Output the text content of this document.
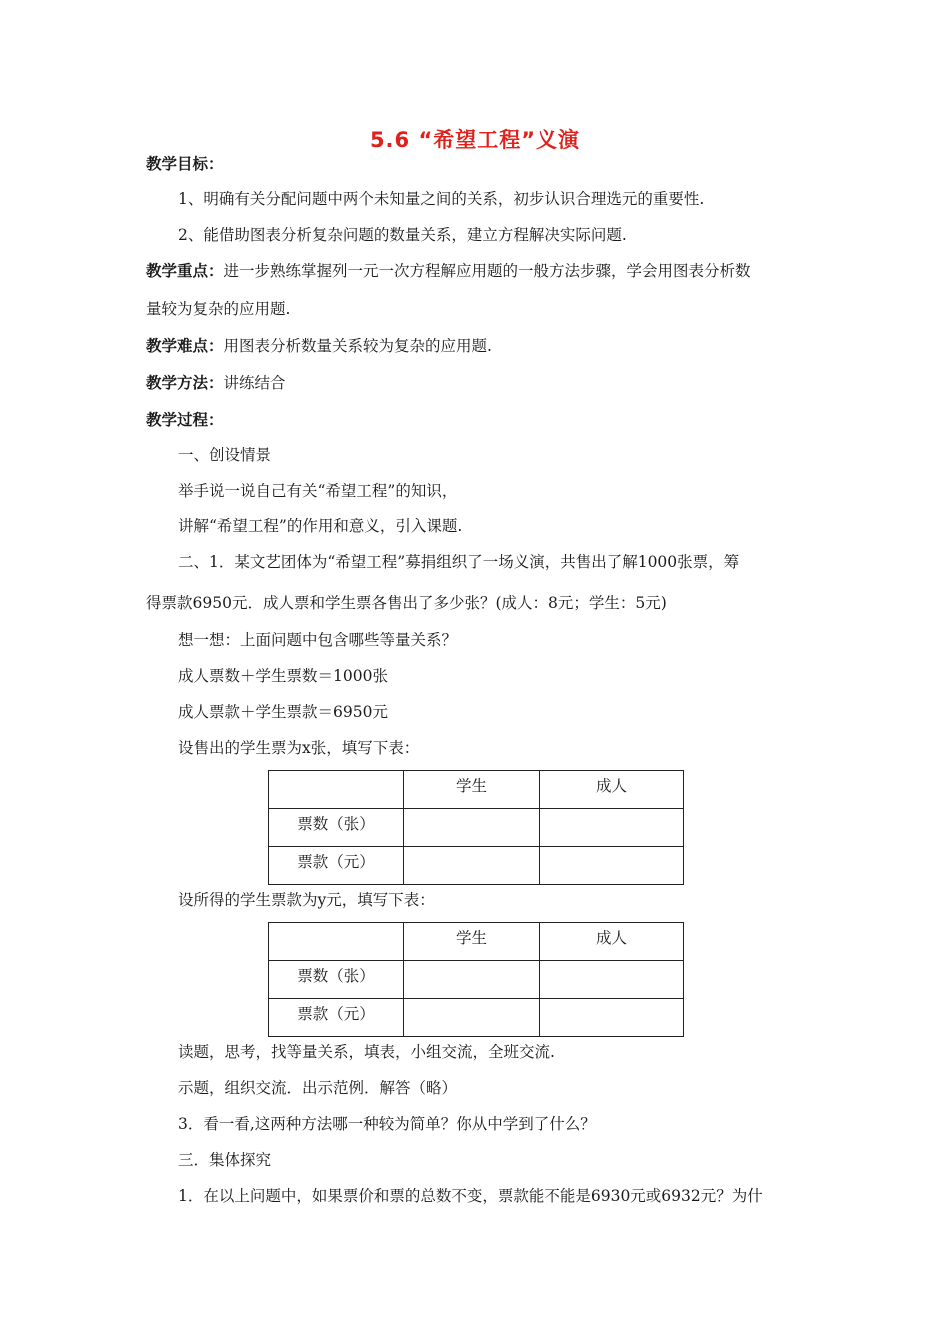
5.6 “希望工程”义演
教学目标：
1、明确有关分配问题中两个未知量之间的关系，初步认识合理选元的重要性.
2、能借助图表分析复杂问题的数量关系，建立方程解决实际问题.
教学重点：进一步熟练掌握列一元一次方程解应用题的一般方法步骤，学会用图表分析数
量较为复杂的应用题.
教学难点：用图表分析数量关系较为复杂的应用题.
教学方法：讲练结合
教学过程：
一、创设情景
举手说一说自己有关“希望工程”的知识，
讲解“希望工程”的作用和意义，引入课题.
二、1．某文艺团体为“希望工程”募捐组织了一场义演，共售出了解1000张票，筹
得票款6950元．成人票和学生票各售出了多少张？(成人：8元；学生：5元)
想一想：上面问题中包含哪些等量关系？
成人票数＋学生票数＝1000张
成人票款＋学生票款＝6950元
设售出的学生票为x张，填写下表：
	学生	成人
票数（张）		
票款（元）		
设所得的学生票款为y元，填写下表：
	学生	成人
票数（张）		
票款（元）		
读题，思考，找等量关系，填表，小组交流，全班交流.
示题，组织交流．出示范例．解答（略）
3．看一看,这两种方法哪一种较为简单？你从中学到了什么？
三．集体探究
1．在以上问题中，如果票价和票的总数不变，票款能不能是6930元或6932元？为什
